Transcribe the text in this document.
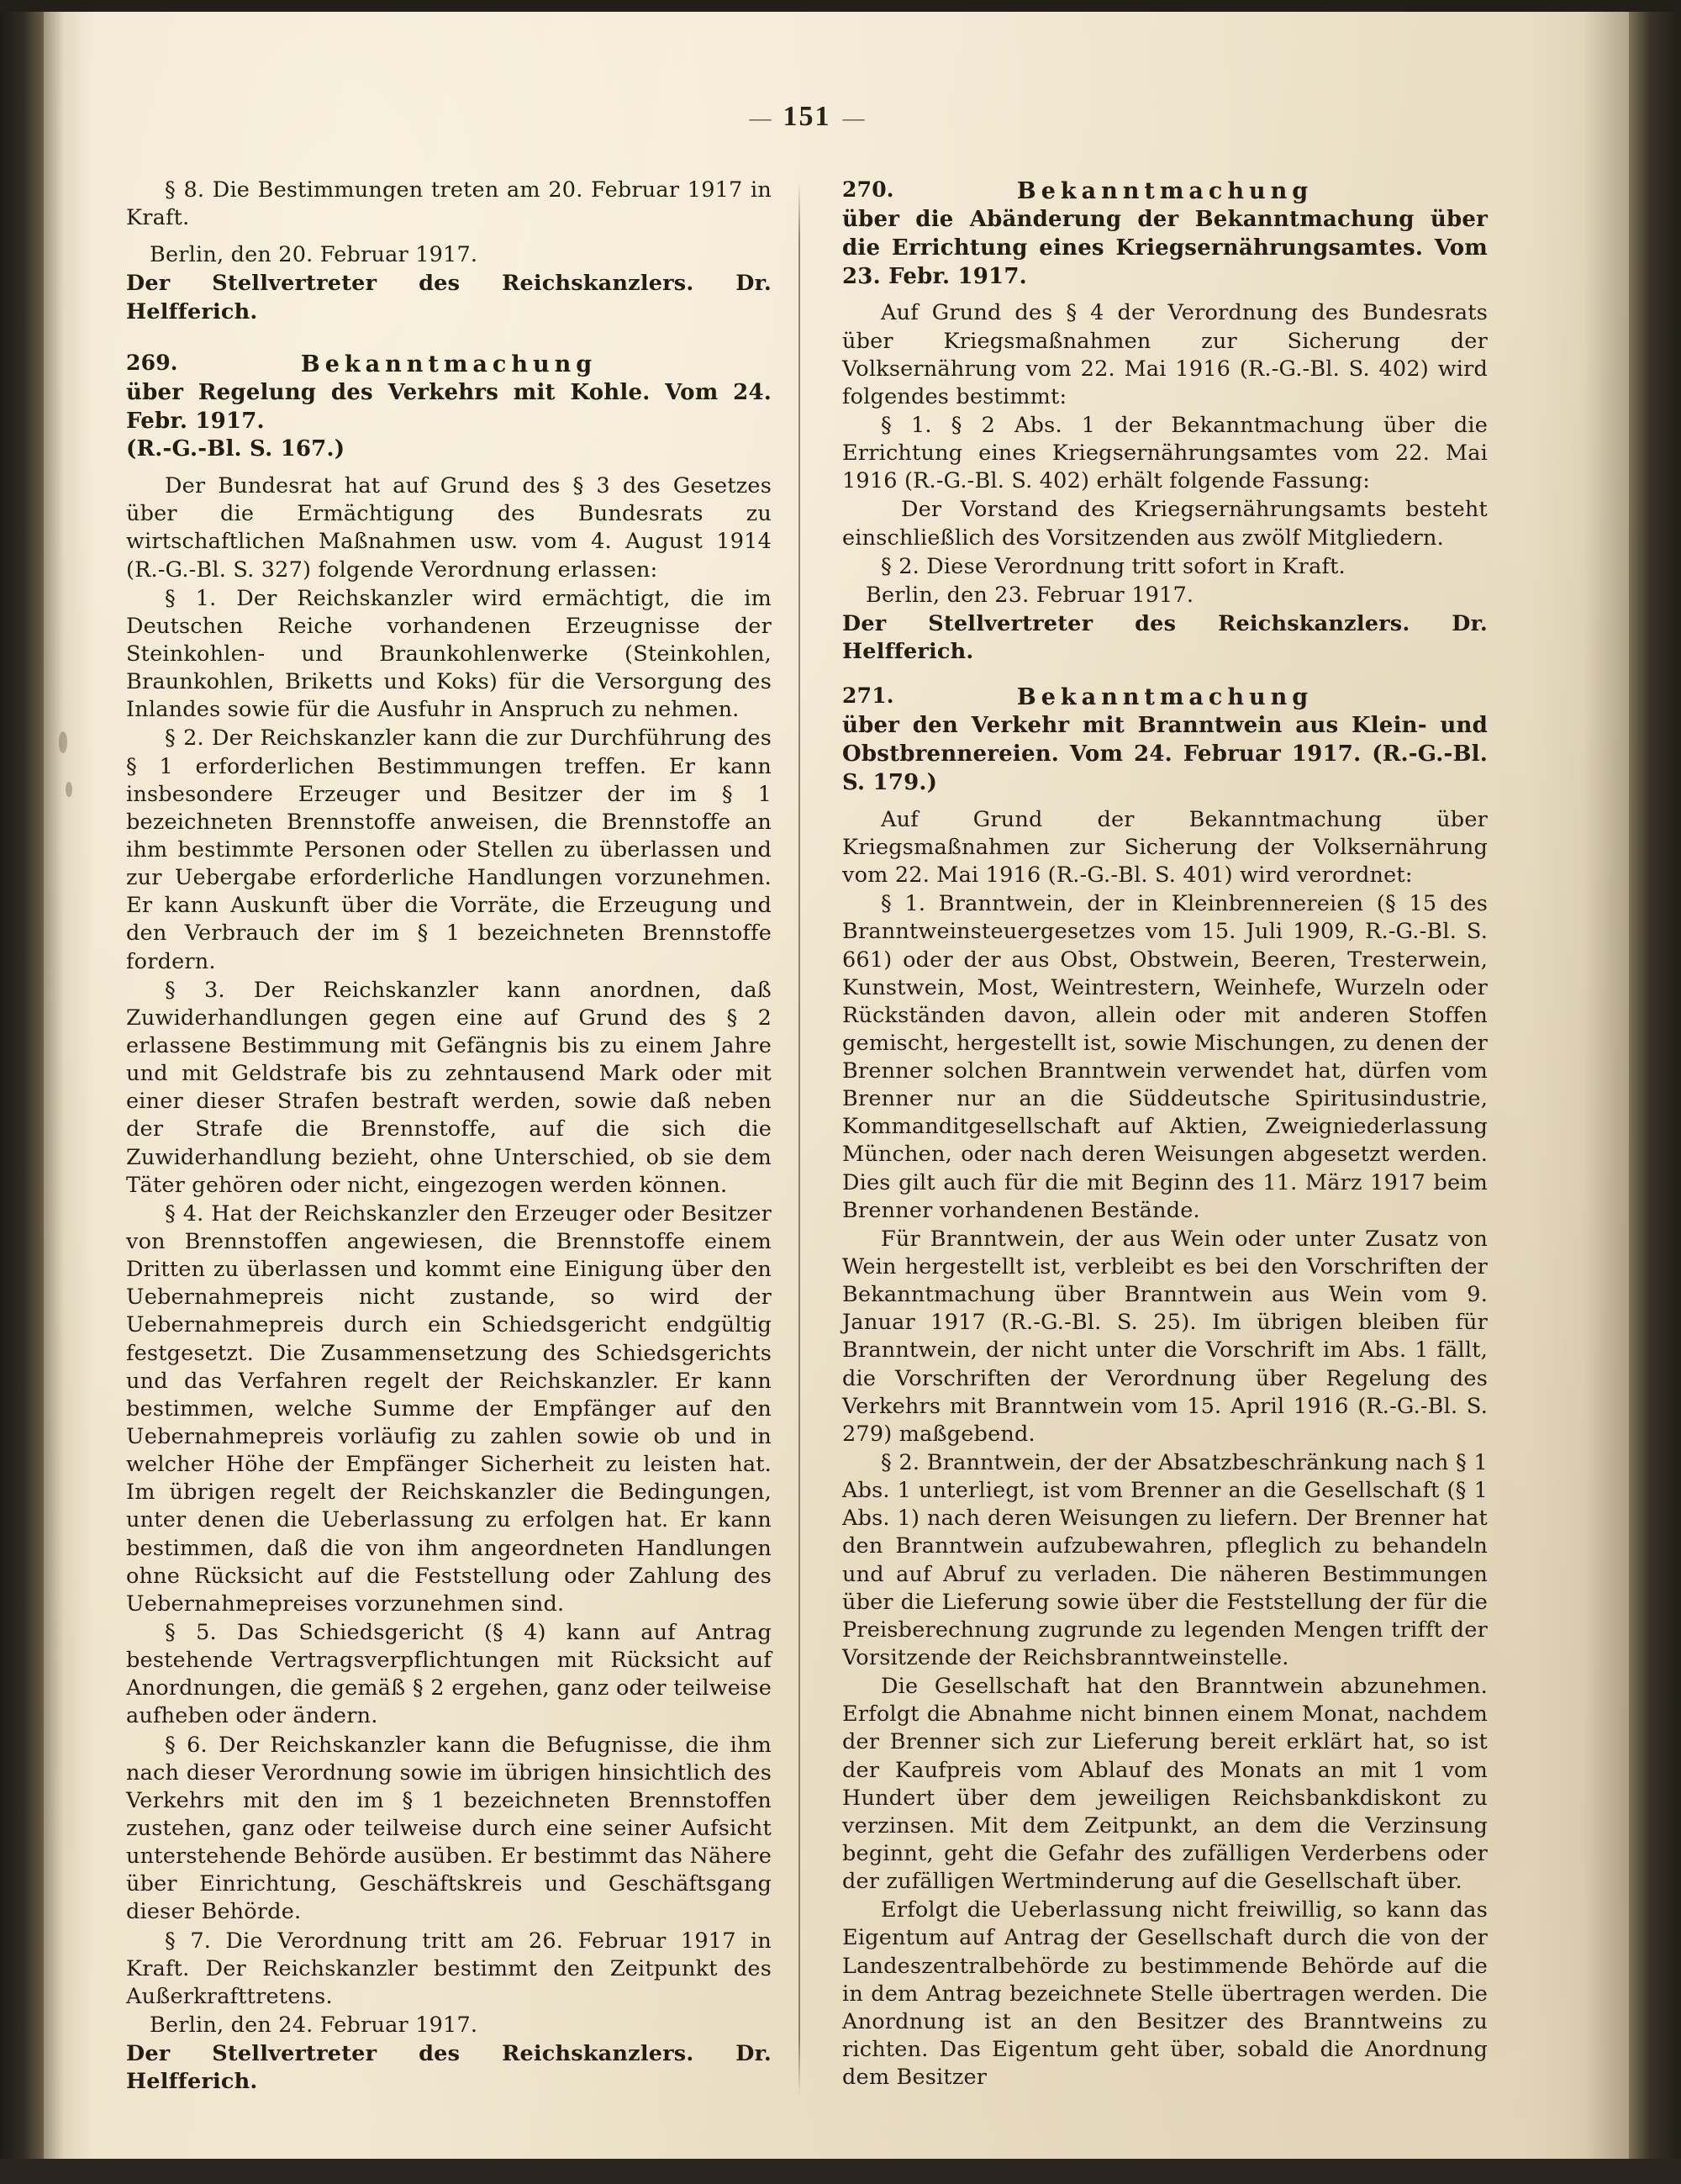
— 151 —

§ 8. Die Bestimmungen treten am 20. Februar 1917 in Kraft.

Berlin, den 20. Februar 1917.

Der Stellvertreter des Reichskanzlers. Dr. Helfferich.

269.	Bekanntmachung

über Regelung des Verkehrs mit Kohle. Vom 24. Febr. 1917.

(R.-G.-Bl. S. 167.)

Der Bundesrat hat auf Grund des § 3 des Gesetzes über die Ermächtigung des Bundesrats zu wirtschaftlichen Maßnahmen usw. vom 4. August 1914 (R.-G.-Bl. S. 327) folgende Verordnung erlassen:

§ 1. Der Reichskanzler wird ermächtigt, die im Deutschen Reiche vorhandenen Erzeugnisse der Steinkohlen- und Braunkohlenwerke (Steinkohlen, Braunkohlen, Briketts und Koks) für die Versorgung des Inlandes sowie für die Ausfuhr in Anspruch zu nehmen.

§ 2. Der Reichskanzler kann die zur Durchführung des § 1 erforderlichen Bestimmungen treffen. Er kann insbesondere Erzeuger und Besitzer der im § 1 bezeichneten Brennstoffe anweisen, die Brennstoffe an ihm bestimmte Personen oder Stellen zu überlassen und zur Uebergabe erforderliche Handlungen vorzunehmen. Er kann Auskunft über die Vorräte, die Erzeugung und den Verbrauch der im § 1 bezeichneten Brennstoffe fordern.

§ 3. Der Reichskanzler kann anordnen, daß Zuwiderhandlungen gegen eine auf Grund des § 2 erlassene Bestimmung mit Gefängnis bis zu einem Jahre und mit Geldstrafe bis zu zehntausend Mark oder mit einer dieser Strafen bestraft werden, sowie daß neben der Strafe die Brennstoffe, auf die sich die Zuwiderhandlung bezieht, ohne Unterschied, ob sie dem Täter gehören oder nicht, eingezogen werden können.

§ 4. Hat der Reichskanzler den Erzeuger oder Besitzer von Brennstoffen angewiesen, die Brennstoffe einem Dritten zu überlassen und kommt eine Einigung über den Uebernahmepreis nicht zustande, so wird der Uebernahmepreis durch ein Schiedsgericht endgültig festgesetzt. Die Zusammensetzung des Schiedsgerichts und das Verfahren regelt der Reichskanzler. Er kann bestimmen, welche Summe der Empfänger auf den Uebernahmepreis vorläufig zu zahlen sowie ob und in welcher Höhe der Empfänger Sicherheit zu leisten hat. Im übrigen regelt der Reichskanzler die Bedingungen, unter denen die Ueberlassung zu erfolgen hat. Er kann bestimmen, daß die von ihm angeordneten Handlungen ohne Rücksicht auf die Feststellung oder Zahlung des Uebernahmepreises vorzunehmen sind.

§ 5. Das Schiedsgericht (§ 4) kann auf Antrag bestehende Vertragsverpflichtungen mit Rücksicht auf Anordnungen, die gemäß § 2 ergehen, ganz oder teilweise aufheben oder ändern.

§ 6. Der Reichskanzler kann die Befugnisse, die ihm nach dieser Verordnung sowie im übrigen hinsichtlich des Verkehrs mit den im § 1 bezeichneten Brennstoffen zustehen, ganz oder teilweise durch eine seiner Aufsicht unterstehende Behörde ausüben. Er bestimmt das Nähere über Einrichtung, Geschäftskreis und Geschäftsgang dieser Behörde.

§ 7. Die Verordnung tritt am 26. Februar 1917 in Kraft. Der Reichskanzler bestimmt den Zeitpunkt des Außerkrafttretens.

Berlin, den 24. Februar 1917.

Der Stellvertreter des Reichskanzlers. Dr. Helfferich.

270.	Bekanntmachung

über die Abänderung der Bekanntmachung über die Errichtung eines Kriegsernährungsamtes. Vom 23. Febr. 1917.

Auf Grund des § 4 der Verordnung des Bundesrats über Kriegsmaßnahmen zur Sicherung der Volksernährung vom 22. Mai 1916 (R.-G.-Bl. S. 402) wird folgendes bestimmt:

§ 1. § 2 Abs. 1 der Bekanntmachung über die Errichtung eines Kriegsernährungsamtes vom 22. Mai 1916 (R.-G.-Bl. S. 402) erhält folgende Fassung:

Der Vorstand des Kriegsernährungsamts besteht einschließlich des Vorsitzenden aus zwölf Mitgliedern.

§ 2. Diese Verordnung tritt sofort in Kraft.

Berlin, den 23. Februar 1917.

Der Stellvertreter des Reichskanzlers. Dr. Helfferich.

271.	Bekanntmachung

über den Verkehr mit Branntwein aus Klein- und Obstbrennereien. Vom 24. Februar 1917. (R.-G.-Bl. S. 179.)

Auf Grund der Bekanntmachung über Kriegsmaßnahmen zur Sicherung der Volksernährung vom 22. Mai 1916 (R.-G.-Bl. S. 401) wird verordnet:

§ 1. Branntwein, der in Kleinbrennereien (§ 15 des Branntweinsteuergesetzes vom 15. Juli 1909, R.-G.-Bl. S. 661) oder der aus Obst, Obstwein, Beeren, Tresterwein, Kunstwein, Most, Weintrestern, Weinhefe, Wurzeln oder Rückständen davon, allein oder mit anderen Stoffen gemischt, hergestellt ist, sowie Mischungen, zu denen der Brenner solchen Branntwein verwendet hat, dürfen vom Brenner nur an die Süddeutsche Spiritusindustrie, Kommanditgesellschaft auf Aktien, Zweigniederlassung München, oder nach deren Weisungen abgesetzt werden. Dies gilt auch für die mit Beginn des 11. März 1917 beim Brenner vorhandenen Bestände.

Für Branntwein, der aus Wein oder unter Zusatz von Wein hergestellt ist, verbleibt es bei den Vorschriften der Bekanntmachung über Branntwein aus Wein vom 9. Januar 1917 (R.-G.-Bl. S. 25). Im übrigen bleiben für Branntwein, der nicht unter die Vorschrift im Abs. 1 fällt, die Vorschriften der Verordnung über Regelung des Verkehrs mit Branntwein vom 15. April 1916 (R.-G.-Bl. S. 279) maßgebend.

§ 2. Branntwein, der der Absatzbeschränkung nach § 1 Abs. 1 unterliegt, ist vom Brenner an die Gesellschaft (§ 1 Abs. 1) nach deren Weisungen zu liefern. Der Brenner hat den Branntwein aufzubewahren, pfleglich zu behandeln und auf Abruf zu verladen. Die näheren Bestimmungen über die Lieferung sowie über die Feststellung der für die Preisberechnung zugrunde zu legenden Mengen trifft der Vorsitzende der Reichsbranntweinstelle.

Die Gesellschaft hat den Branntwein abzunehmen. Erfolgt die Abnahme nicht binnen einem Monat, nachdem der Brenner sich zur Lieferung bereit erklärt hat, so ist der Kaufpreis vom Ablauf des Monats an mit 1 vom Hundert über dem jeweiligen Reichsbankdiskont zu verzinsen. Mit dem Zeitpunkt, an dem die Verzinsung beginnt, geht die Gefahr des zufälligen Verderbens oder der zufälligen Wertminderung auf die Gesellschaft über.

Erfolgt die Ueberlassung nicht freiwillig, so kann das Eigentum auf Antrag der Gesellschaft durch die von der Landeszentralbehörde zu bestimmende Behörde auf die in dem Antrag bezeichnete Stelle übertragen werden. Die Anordnung ist an den Besitzer des Branntweins zu richten. Das Eigentum geht über, sobald die Anordnung dem Besitzer
